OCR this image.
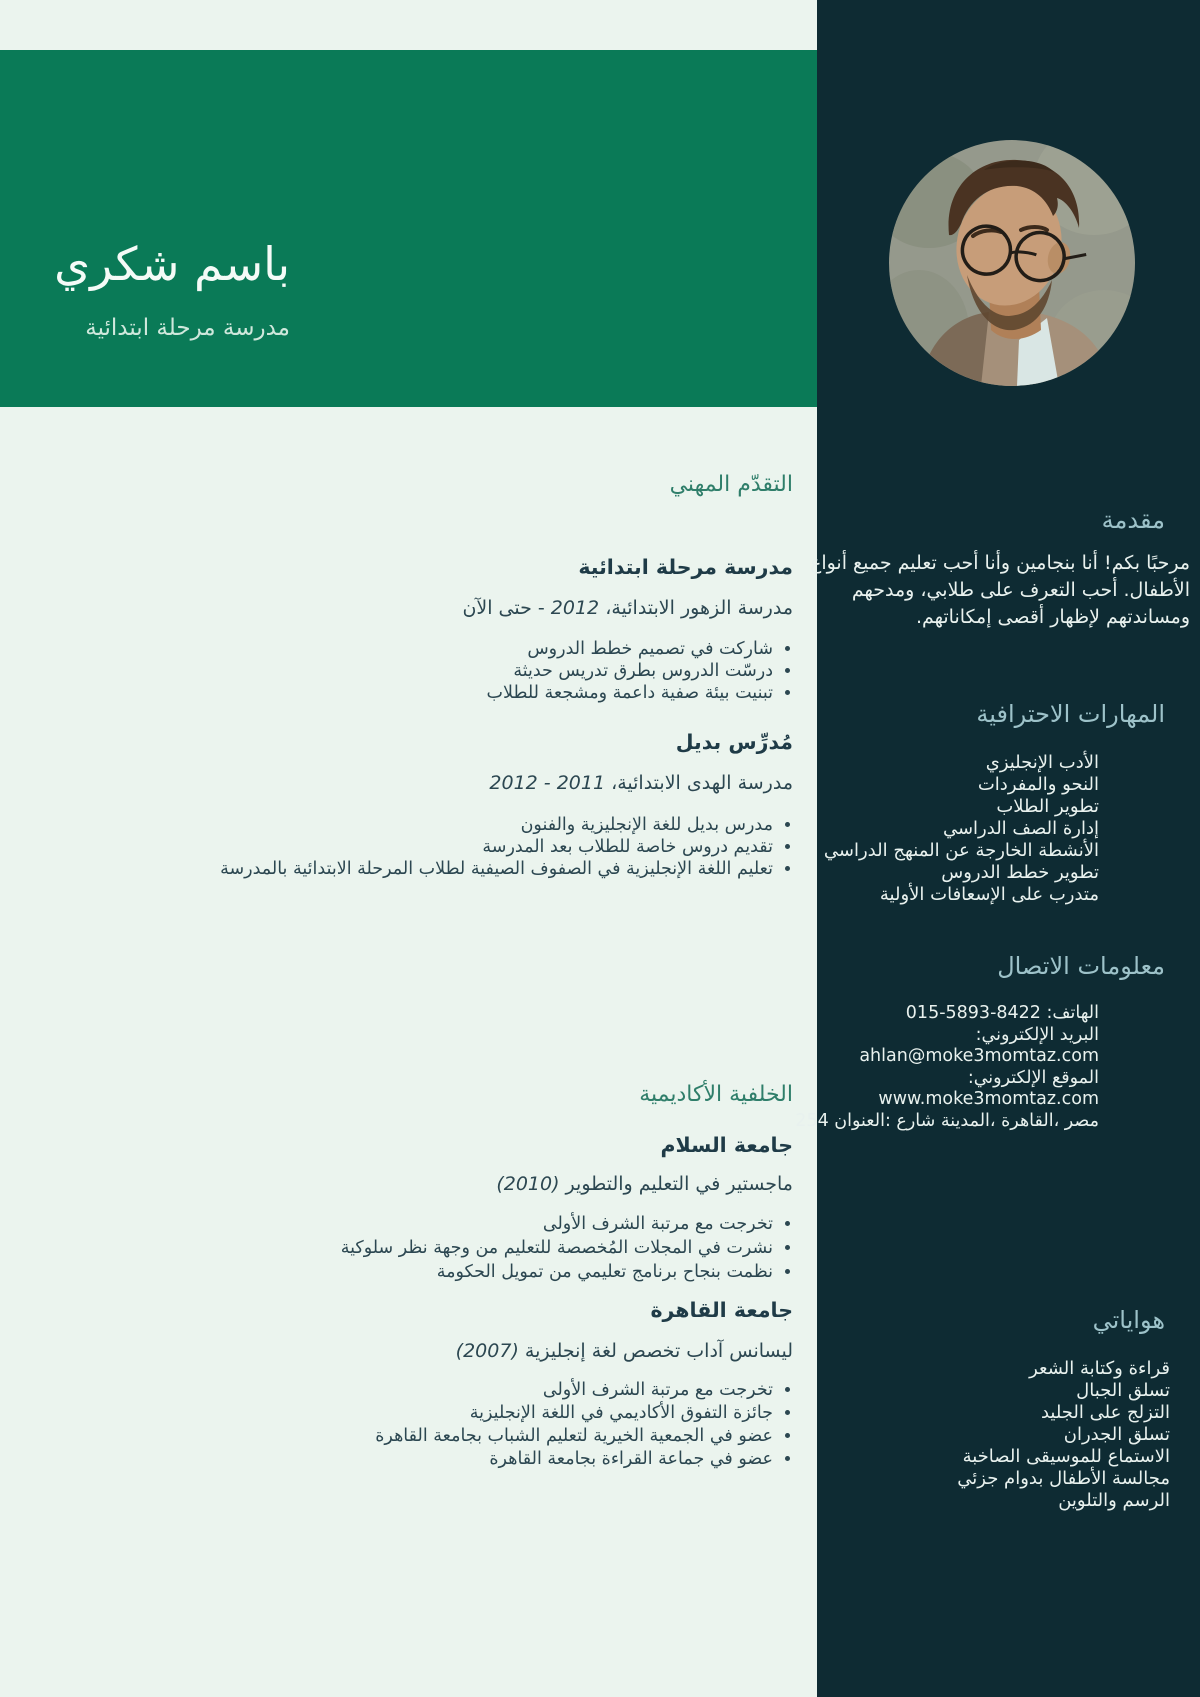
باسم شكري
مدرسة مرحلة ابتدائية
التقدّم المهني
مدرسة مرحلة ابتدائية
مدرسة الزهور الابتدائية، 2012 - حتى الآن
• شاركت في تصميم خطط الدروس
• درسّت الدروس بطرق تدريس حديثة
• تبنيت بيئة صفية داعمة ومشجعة للطلاب
مُدرِّس بديل
مدرسة الهدى الابتدائية، 2011 - 2012
• مدرس بديل للغة الإنجليزية والفنون
• تقديم دروس خاصة للطلاب بعد المدرسة
• تعليم اللغة الإنجليزية في الصفوف الصيفية لطلاب المرحلة الابتدائية بالمدرسة
الخلفية الأكاديمية
جامعة السلام
ماجستير في التعليم والتطوير (2010)
• تخرجت مع مرتبة الشرف الأولى
• نشرت في المجلات المُخصصة للتعليم من وجهة نظر سلوكية
• نظمت بنجاح برنامج تعليمي من تمويل الحكومة
جامعة القاهرة
ليسانس آداب تخصص لغة إنجليزية (2007)
• تخرجت مع مرتبة الشرف الأولى
• جائزة التفوق الأكاديمي في اللغة الإنجليزية
• عضو في الجمعية الخيرية لتعليم الشباب بجامعة القاهرة
• عضو في جماعة القراءة بجامعة القاهرة
مقدمة
مرحبًا بكم! أنا بنجامين وأنا أحب تعليم جميع أنواع الأطفال. أحب التعرف على طلابي، ومدحهم ومساندتهم لإظهار أقصى إمكاناتهم.
المهارات الاحترافية
الأدب الإنجليزي
النحو والمفردات
تطوير الطلاب
إدارة الصف الدراسي
الأنشطة الخارجة عن المنهج الدراسي
تطوير خطط الدروس
متدرب على الإسعافات الأولية
معلومات الاتصال
الهاتف: 8422-5893-015
البريد الإلكتروني:
ahlan@moke3momtaz.com
الموقع الإلكتروني:
www.moke3momtaz.com
254 العنوان: ‎شارع ‎المدينة، ‎القاهرة، ‎مصر
هواياتي
قراءة وكتابة الشعر
تسلق الجبال
التزلج على الجليد
تسلق الجدران
الاستماع للموسيقى الصاخبة
مجالسة الأطفال بدوام جزئي
الرسم والتلوين
